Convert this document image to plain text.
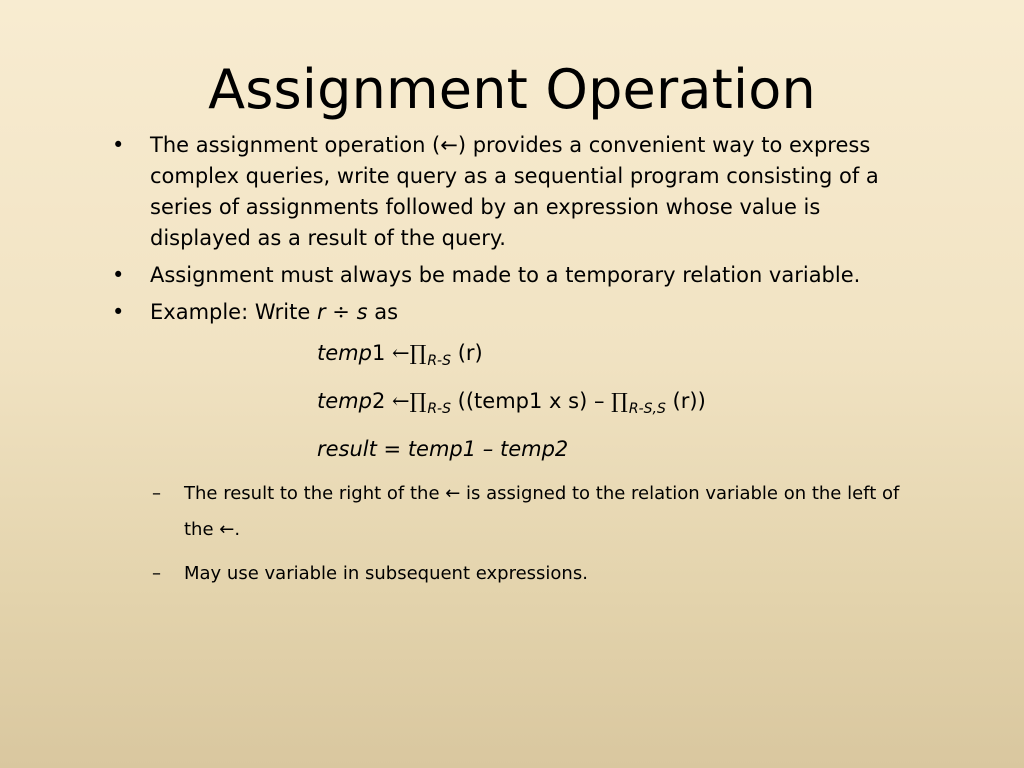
Assignment Operation
•	The assignment operation (←) provides a convenient way to express complex queries, write query as a sequential program consisting of a series of assignments followed by an expression whose value is displayed as a result of the query.
•	Assignment must always be made to a temporary relation variable.
•	Example: Write r ÷ s as
temp1 $\leftarrow\prod_{R-S}$ (r)
temp2 $\leftarrow\prod_{R-S}$ ((temp1 x $s) - \prod_{R-S,S}$ (r))
result = temp1 – temp2
–	The result to the right of the ← is assigned to the relation variable on the left of the ←.
–	May use variable in subsequent expressions.
